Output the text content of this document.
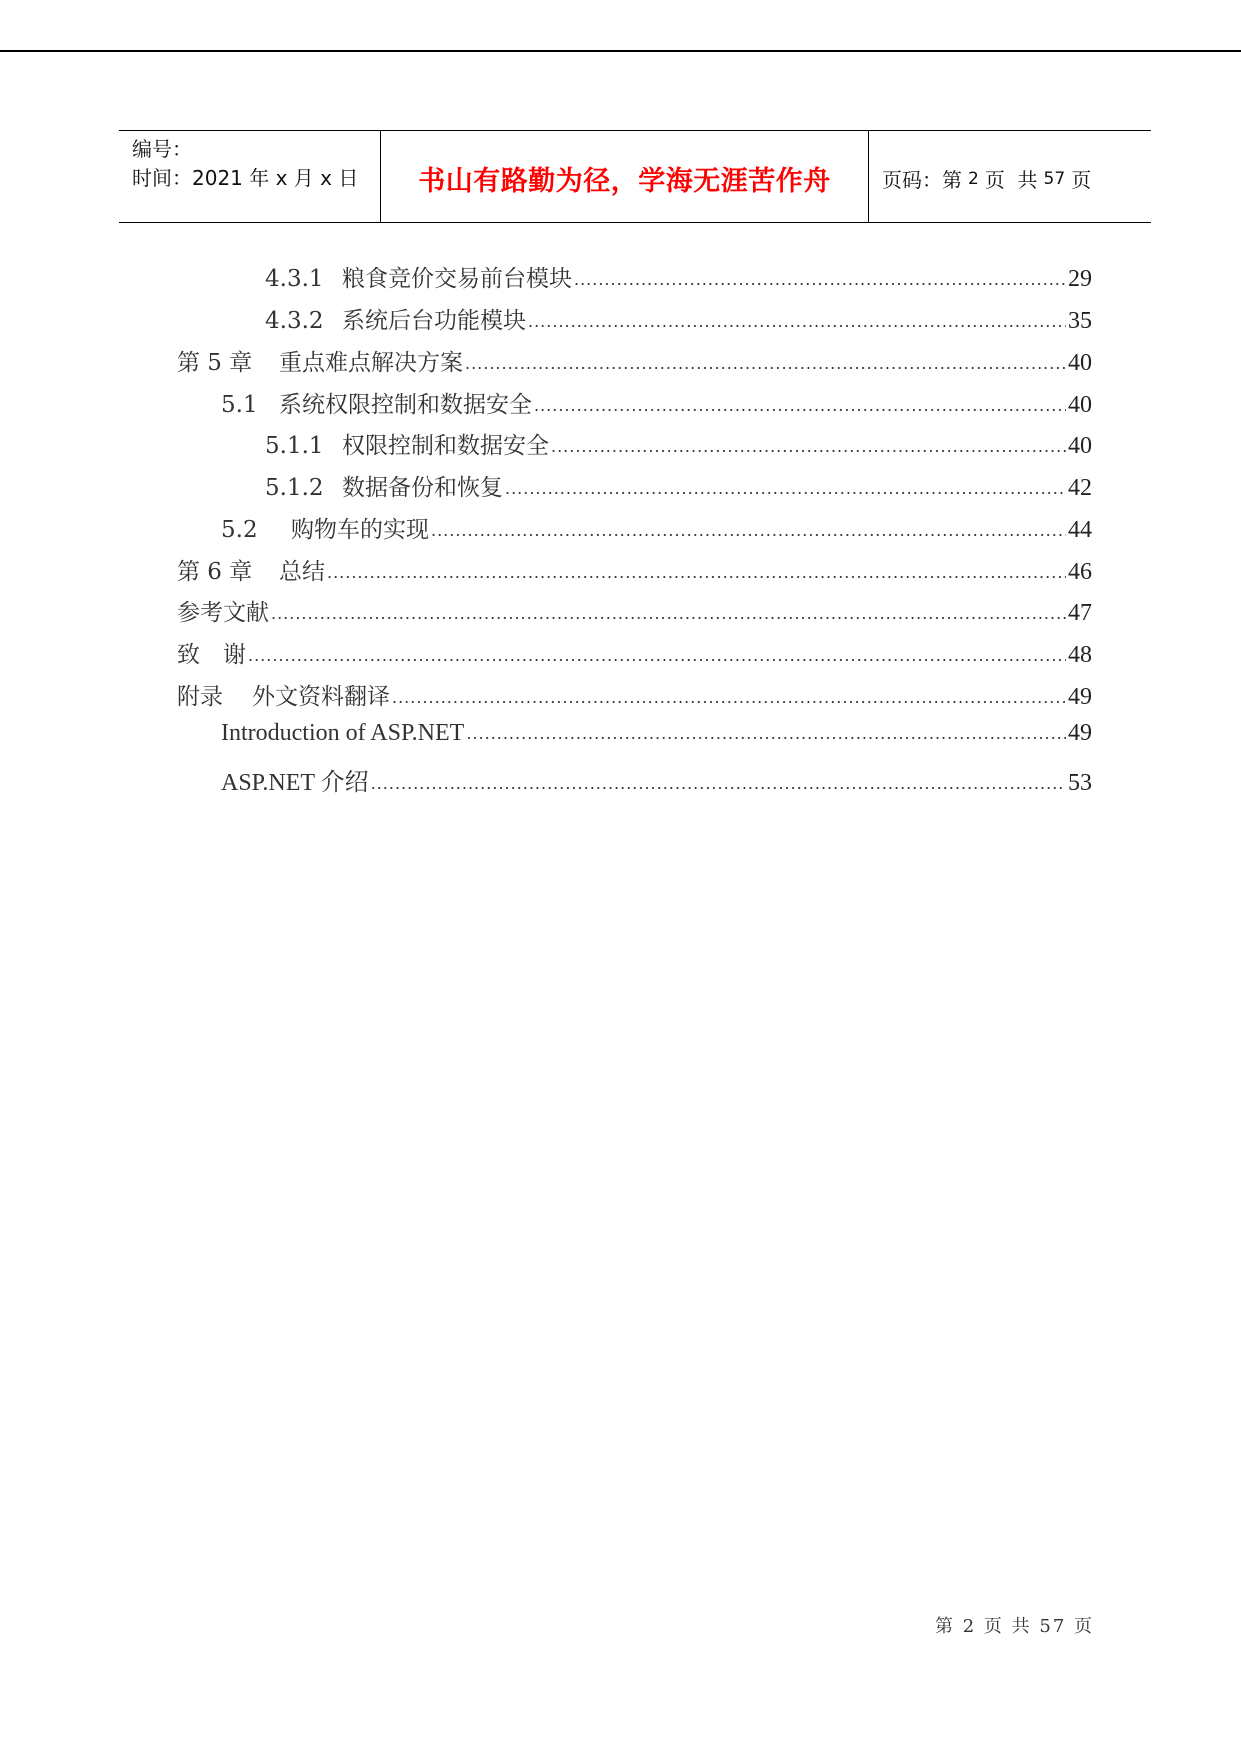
编号：
时间：2021 年 x 月 x 日	书山有路勤为径，学海无涯苦作舟	页码：第 2 页  共 57 页
4.3.1 粮食竞价交易前台模块 .....	29
4.3.2 系统后台功能模块 .....	35
第 5 章	重点难点解决方案 .....	40
5.1 系统权限控制和数据安全 .....	40
5.1.1 权限控制和数据安全 .....	40
5.1.2 数据备份和恢复 .....	42
5.2	购物车的实现 .....	44
第 6 章	总结 .....	46
参考文献 .....	47
致　谢 .....	48
附录	外文资料翻译 .....	49
Introduction of ASP.NET .....	49
ASP.NET 介绍 .....	53
第 2 页 共 57 页
